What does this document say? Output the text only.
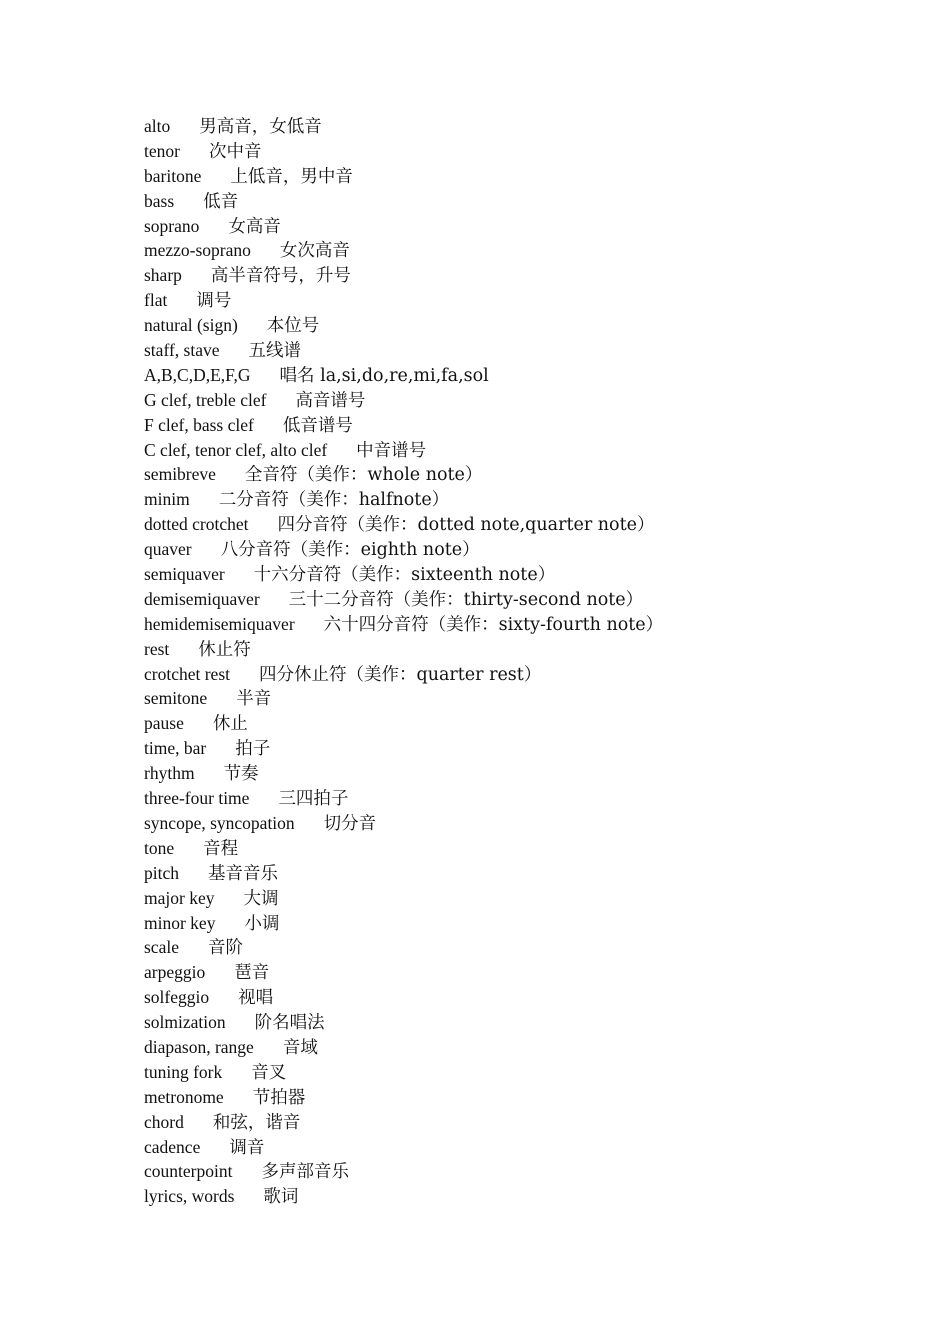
alto 男高音，女低音
tenor 次中音
baritone 上低音，男中音
bass 低音
soprano 女高音
mezzo-soprano 女次高音
sharp 高半音符号，升号
flat 调号
natural (sign) 本位号
staff, stave 五线谱
A,B,C,D,E,F,G 唱名 la,si,do,re,mi,fa,sol
G clef, treble clef 高音谱号
F clef, bass clef 低音谱号
C clef, tenor clef, alto clef 中音谱号
semibreve 全音符（美作：whole note）
minim 二分音符（美作：halfnote）
dotted crotchet 四分音符（美作：dotted note,quarter note）
quaver 八分音符（美作：eighth note）
semiquaver 十六分音符（美作：sixteenth note）
demisemiquaver 三十二分音符（美作：thirty-second note）
hemidemisemiquaver 六十四分音符（美作：sixty-fourth note）
rest 休止符
crotchet rest 四分休止符（美作：quarter rest）
semitone 半音
pause 休止
time, bar 拍子
rhythm 节奏
three-four time 三四拍子
syncope, syncopation 切分音
tone 音程
pitch 基音音乐
major key 大调
minor key 小调
scale 音阶
arpeggio 琶音
solfeggio 视唱
solmization 阶名唱法
diapason, range 音域
tuning fork 音叉
metronome 节拍器
chord 和弦，谐音
cadence 调音
counterpoint 多声部音乐
lyrics, words 歌词
